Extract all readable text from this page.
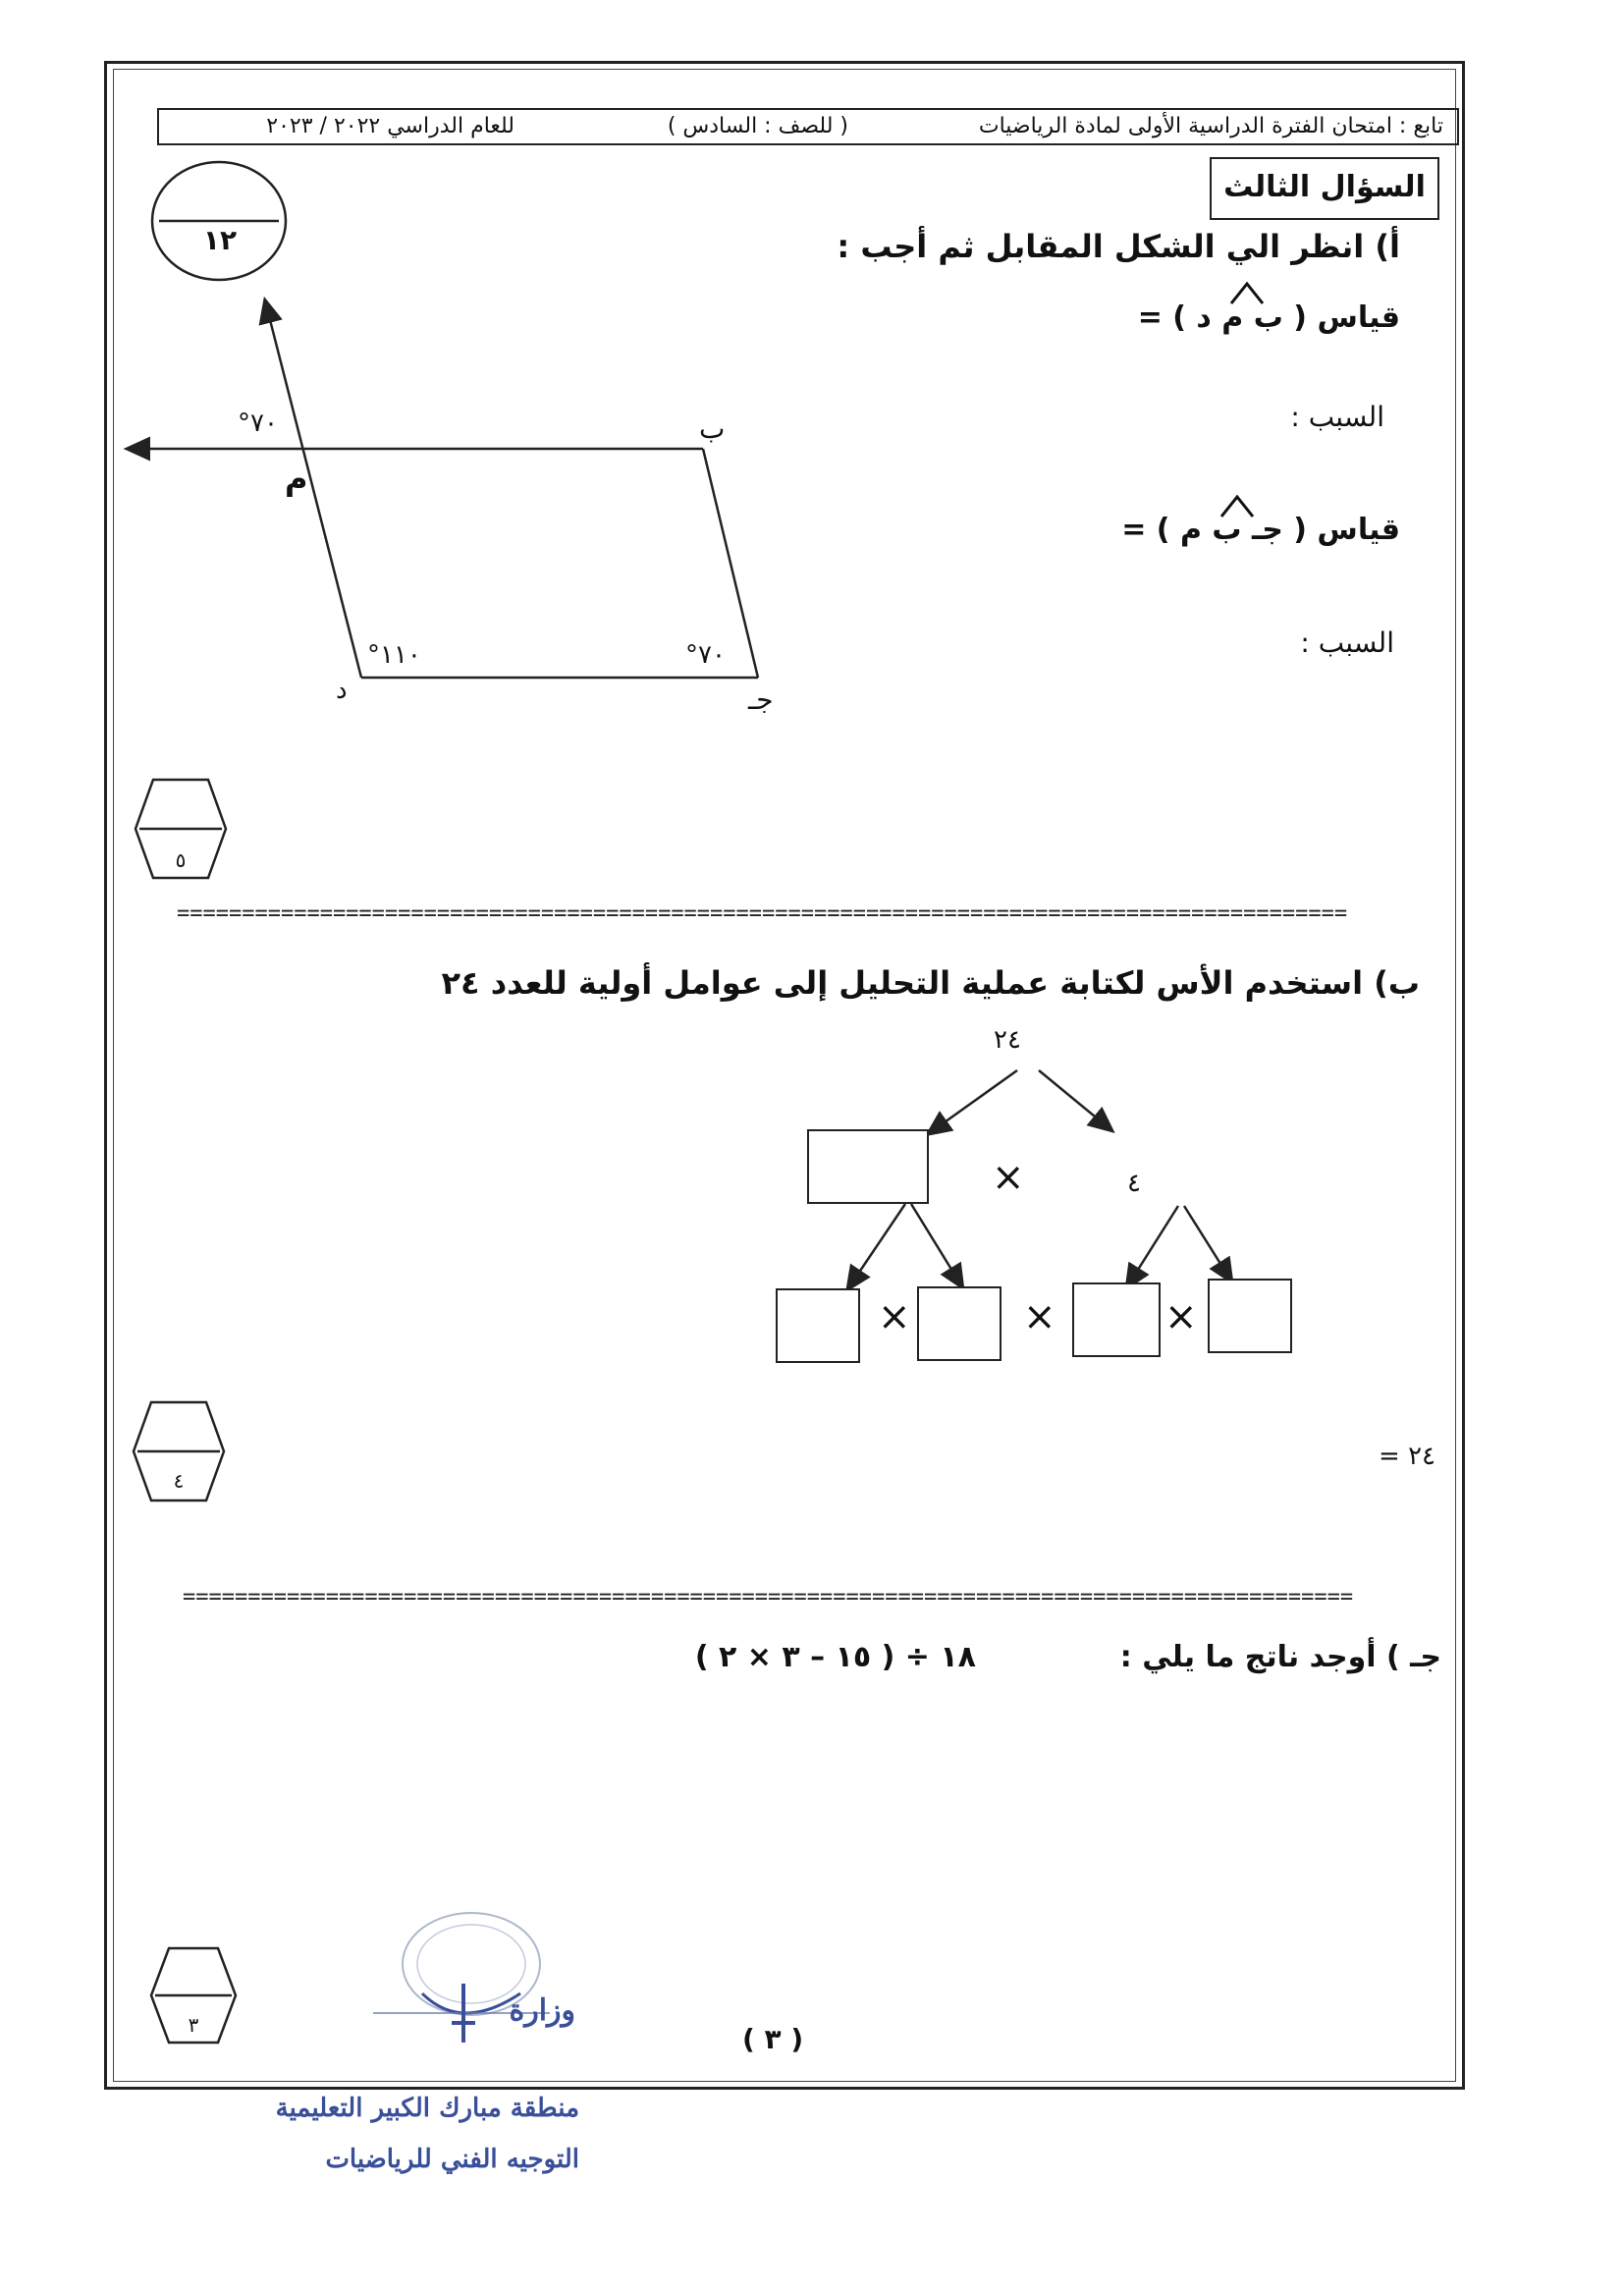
تابع : امتحان الفترة الدراسية الأولى لمادة الرياضيات
( للصف : السادس )
للعام الدراسي ٢٠٢٢ / ٢٠٢٣
السؤال الثالث
١٢	أ) انظر الي الشكل المقابل ثم أجب :
قياس ( ب م د ) =
السبب :
قياس ( جـ ب م ) =
السبب :
°٧٠
م
ب
°١١٠	°٧٠
د	جـ
٥
==========================================================================================
ب) استخدم الأس لكتابة عملية التحليل إلى عوامل أولية للعدد ٢٤
٢٤
×	٤
×	×	×
٢٤ =
٤
==========================================================================================
جـ ) أوجد ناتج ما يلي :
١٨ ÷ ( ١٥ – ٣ × ٢ )
٣	وزارة
منطقة مبارك الكبير التعليمية
التوجيه الفني للرياضيات
( ٣ )
